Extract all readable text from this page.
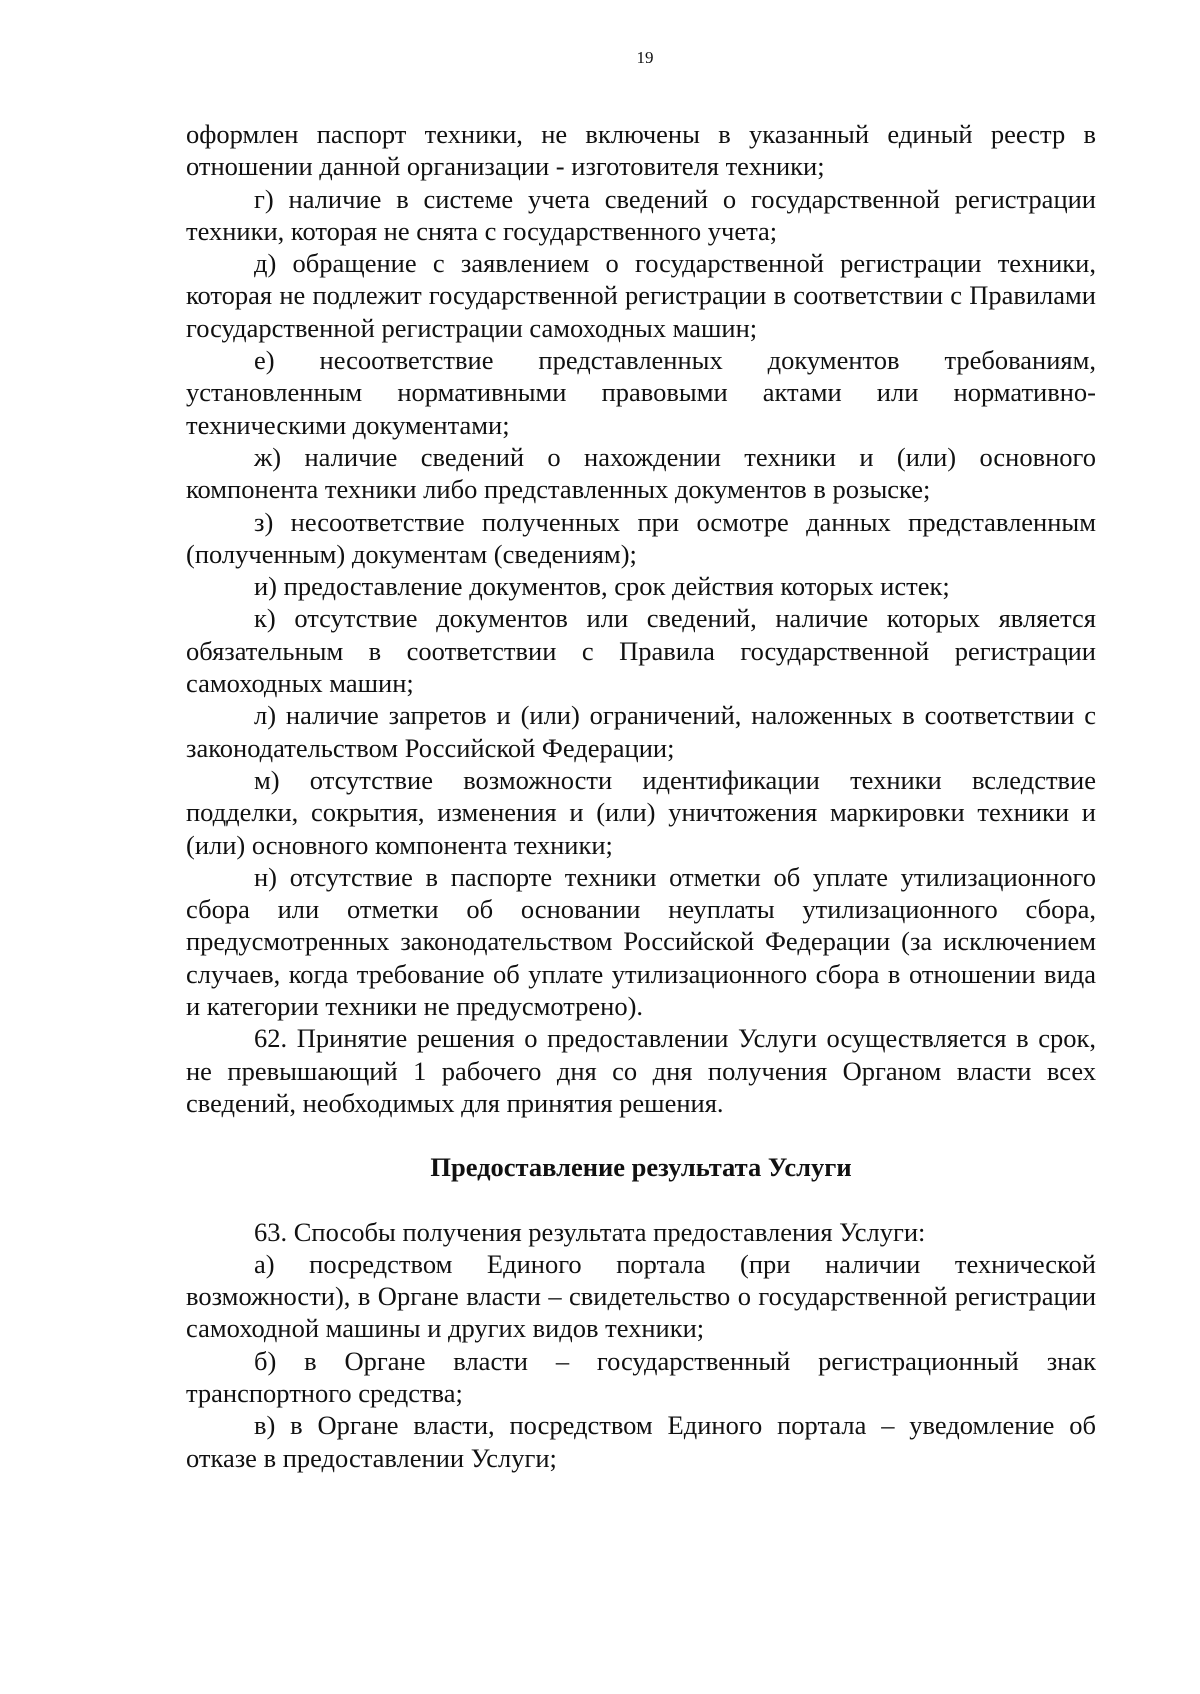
19

оформлен паспорт техники, не включены в указанный единый реестр в отношении данной организации - изготовителя техники;

г) наличие в системе учета сведений о государственной регистрации техники, которая не снята с государственного учета;

д) обращение с заявлением о государственной регистрации техники, которая не подлежит государственной регистрации в соответствии с Правилами государственной регистрации самоходных машин;

е) несоответствие представленных документов требованиям, установленным нормативными правовыми актами или нормативно-техническими документами;

ж) наличие сведений о нахождении техники и (или) основного компонента техники либо представленных документов в розыске;

з) несоответствие полученных при осмотре данных представленным (полученным) документам (сведениям);

и) предоставление документов, срок действия которых истек;

к) отсутствие документов или сведений, наличие которых является обязательным в соответствии с Правила государственной регистрации самоходных машин;

л) наличие запретов и (или) ограничений, наложенных в соответствии с законодательством Российской Федерации;

м) отсутствие возможности идентификации техники вследствие подделки, сокрытия, изменения и (или) уничтожения маркировки техники и (или) основного компонента техники;

н) отсутствие в паспорте техники отметки об уплате утилизационного сбора или отметки об основании неуплаты утилизационного сбора, предусмотренных законодательством Российской Федерации (за исключением случаев, когда требование об уплате утилизационного сбора в отношении вида и категории техники не предусмотрено).

62. Принятие решения о предоставлении Услуги осуществляется в срок, не превышающий 1 рабочего дня со дня получения Органом власти всех сведений, необходимых для принятия решения.

Предоставление результата Услуги

63. Способы получения результата предоставления Услуги:

а) посредством Единого портала (при наличии технической возможности), в Органе власти – свидетельство о государственной регистрации самоходной машины и других видов техники;

б) в Органе власти – государственный регистрационный знак транспортного средства;

в) в Органе власти, посредством Единого портала – уведомление об отказе в предоставлении Услуги;
